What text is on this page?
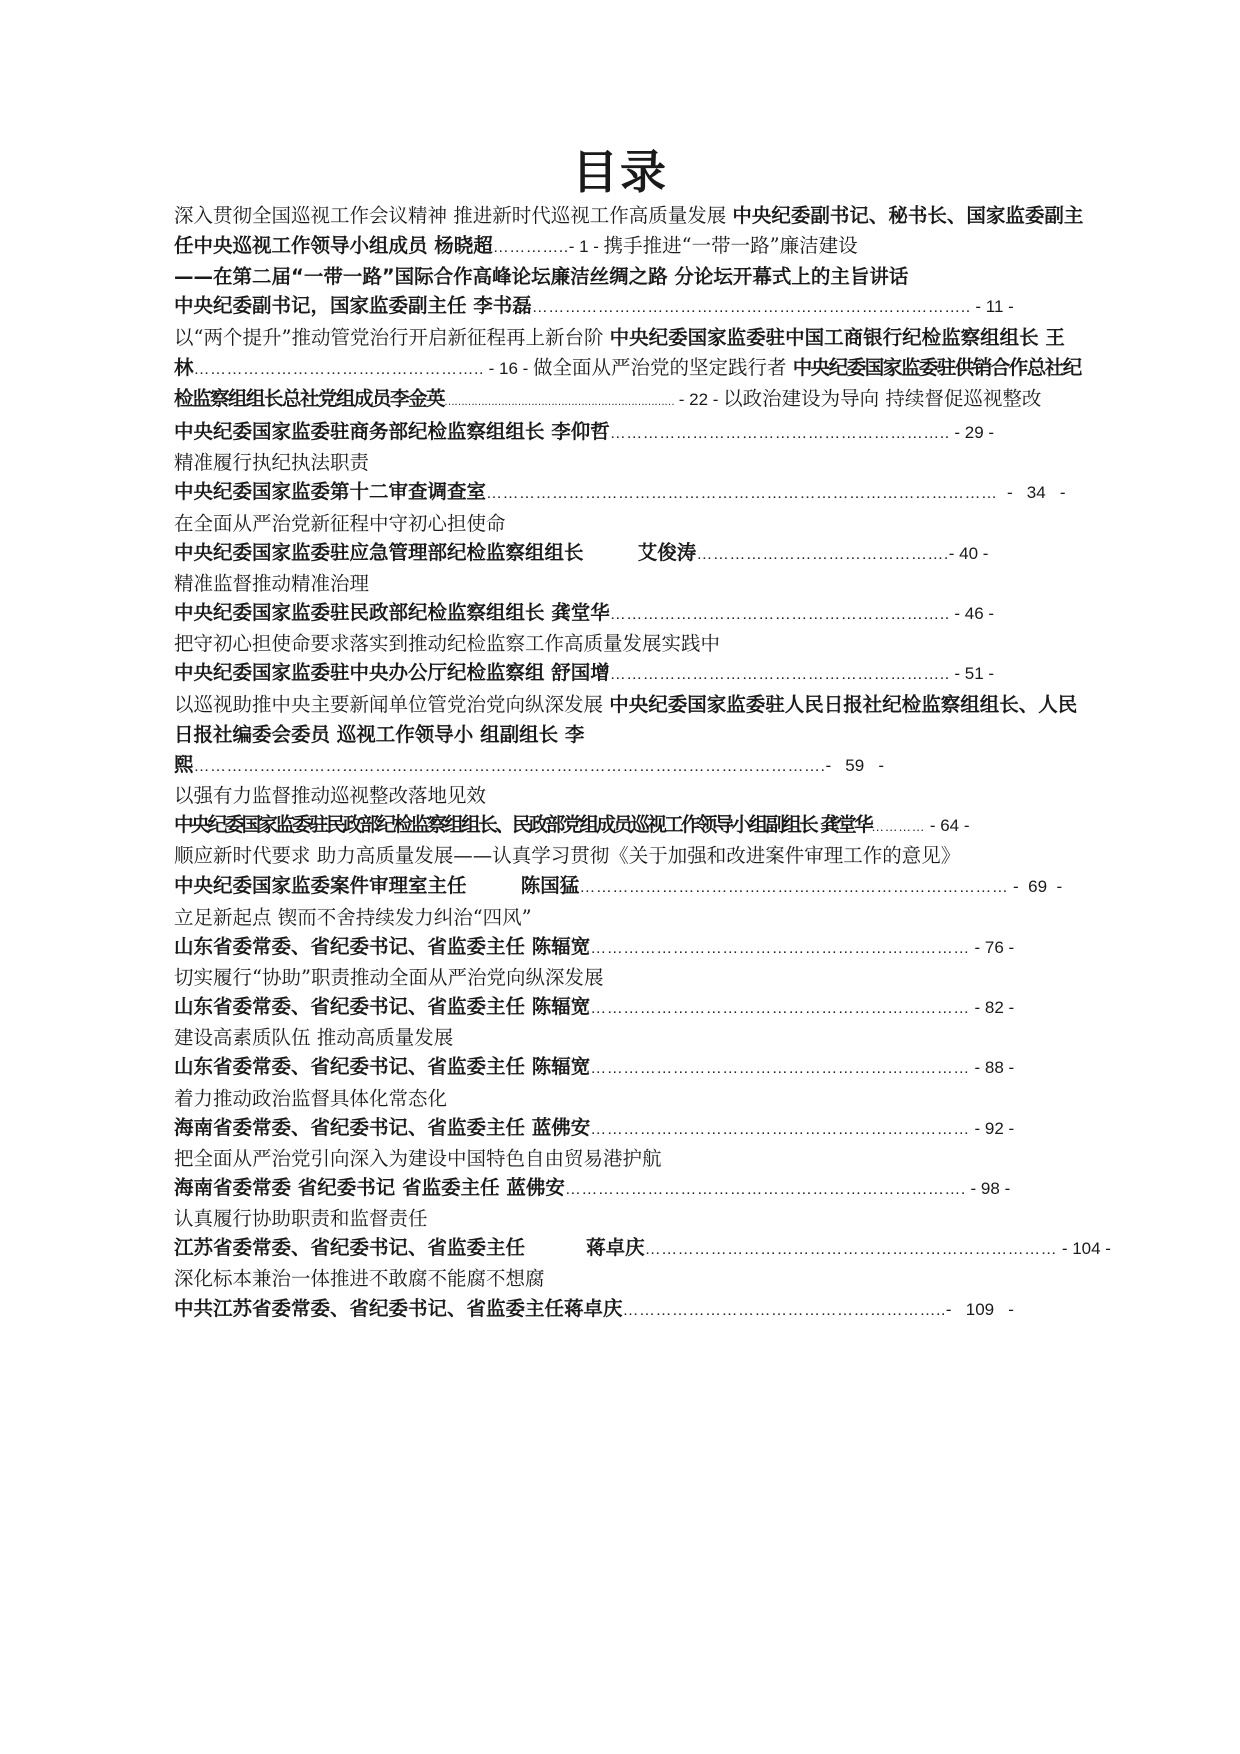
目录
深入贯彻全国巡视工作会议精神 推进新时代巡视工作高质量发展 中央纪委副书记、秘书长、国家监委副主任中央巡视工作领导小组成员 杨晓超…………..- 1 - 携手推进“一带一路”廉洁建设
——在第二届“一带一路”国际合作高峰论坛廉洁丝绸之路 分论坛开幕式上的主旨讲话
中央纪委副书记，国家监委副主任 李书磊…………………………………………………………………….. - 11 -
以“两个提升”推动管党治行开启新征程再上新台阶 中央纪委国家监委驻中国工商银行纪检监察组组长 王林…………………………………………….. - 16 - 做全面从严治党的坚定践行者 中央纪委国家监委驻供销合作总社纪检监察组组长总社党组成员李金英…………………………………………………………… - 22 - 以政治建设为导向 持续督促巡视整改
中央纪委国家监委驻商务部纪检监察组组长 李仰哲…………………………………………………….. - 29 -
精准履行执纪执法职责
中央纪委国家监委第十二审查调查室…………………………………………………………………………………  -   34   -
在全面从严治党新征程中守初心担使命
中央纪委国家监委驻应急管理部纪检监察组组长        艾俊涛……………………………………….- 40 -
精准监督推动精准治理
中央纪委国家监委驻民政部纪检监察组组长 龚堂华…………………………………………………….. - 46 -
把守初心担使命要求落实到推动纪检监察工作高质量发展实践中
中央纪委国家监委驻中央办公厅纪检监察组 舒国增…………………………………………………….. - 51 -
以巡视助推中央主要新闻单位管党治党向纵深发展 中央纪委国家监委驻人民日报社纪检监察组组长、人民日报社编委会委员 巡视工作领导小 组副组长 李熙…………………………………………………………………………………………………….-   59   -
以强有力监督推动巡视整改落地见效
中央纪委国家监委驻民政部纪检监察组组长、民政部党组成员巡视工作领导小组副组长 龚堂华………… - 64 -
顺应新时代要求 助力高质量发展——认真学习贯彻《关于加强和改进案件审理工作的意见》 中央纪委国家监委案件审理室主任        陈国猛…………………………………………………………………… -  69  -
立足新起点 锲而不舍持续发力纠治“四风”
山东省委常委、省纪委书记、省监委主任 陈辐宽…………………………………………………………… - 76 -
切实履行“协助”职责推动全面从严治党向纵深发展
山东省委常委、省纪委书记、省监委主任 陈辐宽…………………………………………………………… - 82 -
建设高素质队伍 推动高质量发展
山东省委常委、省纪委书记、省监委主任 陈辐宽…………………………………………………………… - 88 -
着力推动政治监督具体化常态化
海南省委常委、省纪委书记、省监委主任 蓝佛安…………………………………………………………… - 92 -
把全面从严治党引向深入为建设中国特色自由贸易港护航
海南省委常委 省纪委书记 省监委主任 蓝佛安………………………………………………………………. - 98 -
认真履行协助职责和监督责任
江苏省委常委、省纪委书记、省监委主任         蒋卓庆………………………………………………………………… - 104 -
深化标本兼治一体推进不敢腐不能腐不想腐
中共江苏省委常委、省纪委书记、省监委主任蒋卓庆…………………………………………………..-   109   -
